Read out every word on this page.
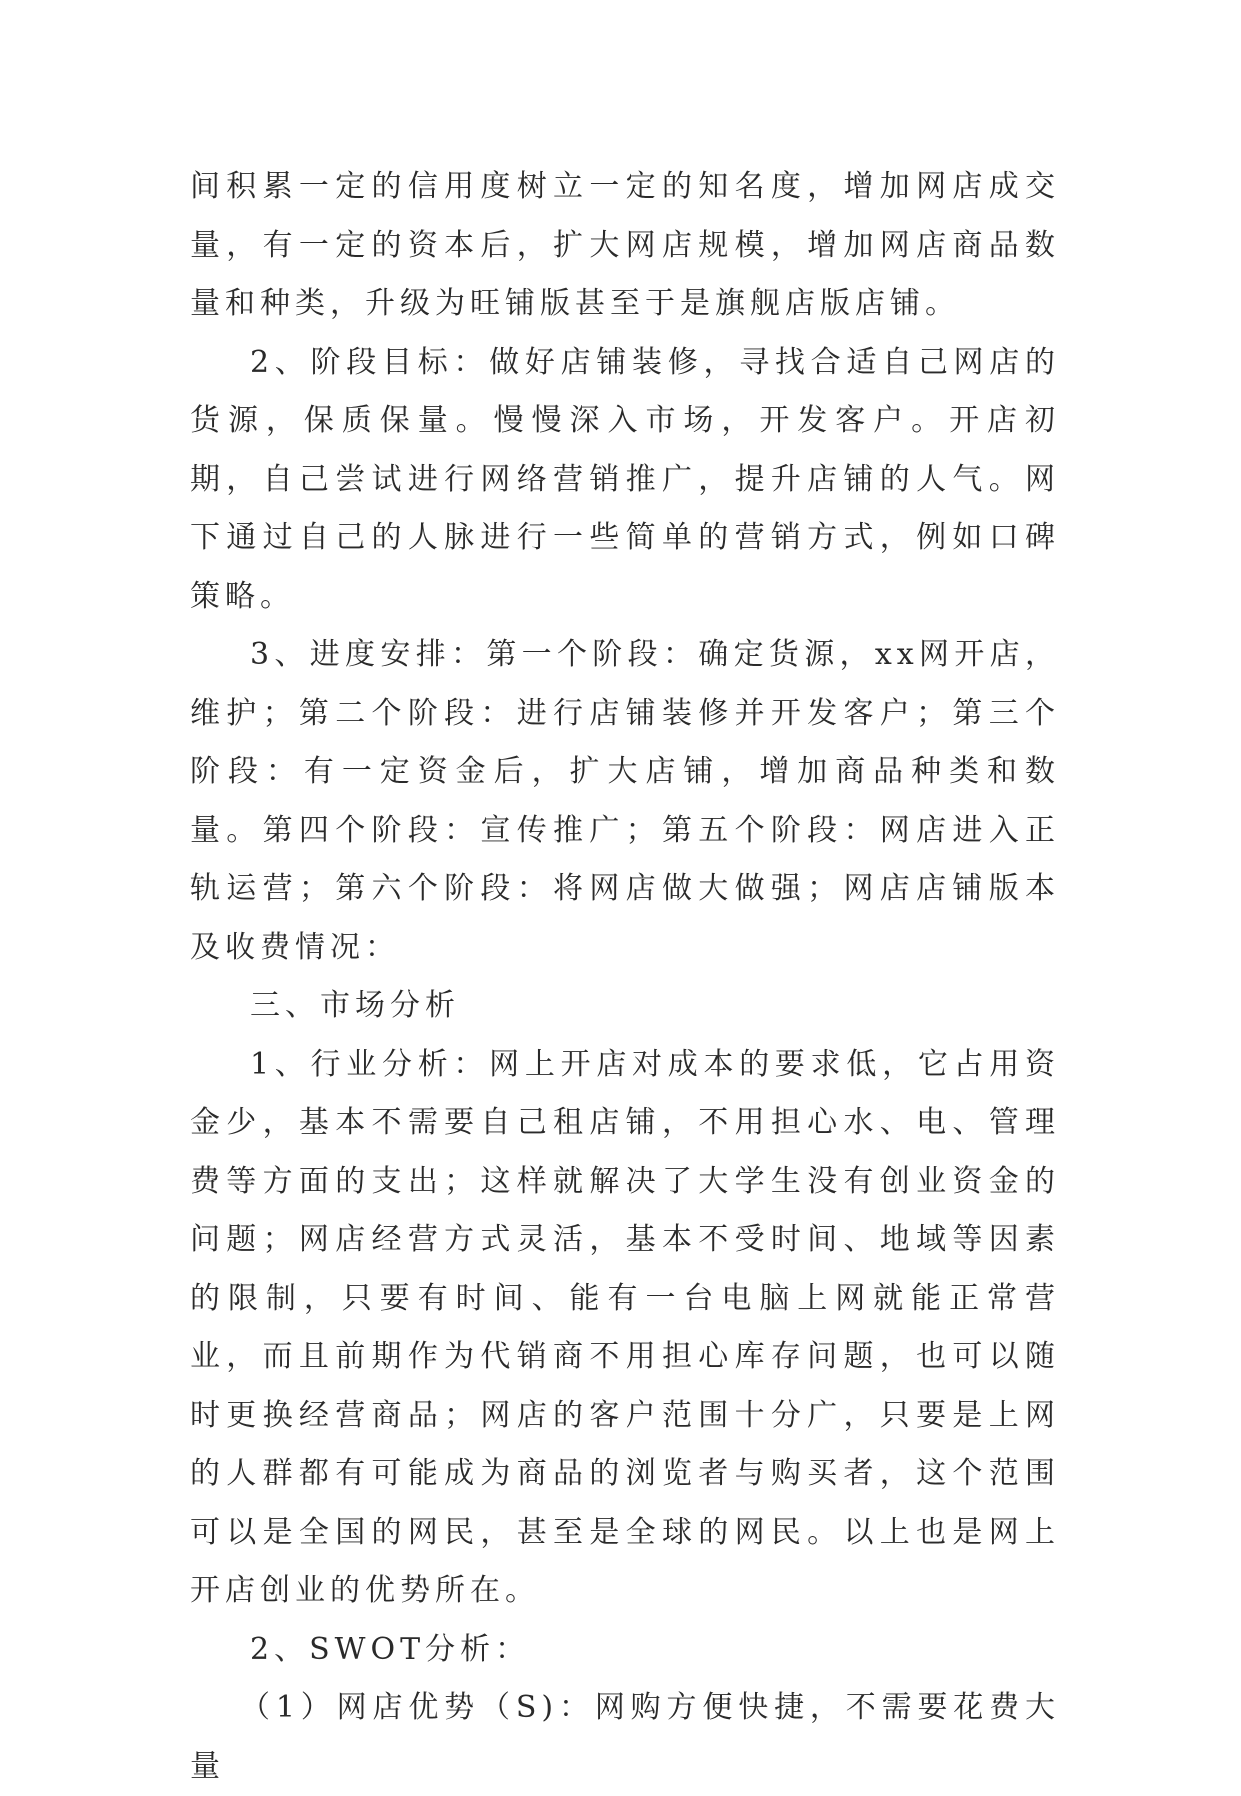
间积累一定的信用度树立一定的知名度，增加网店成交量，有一定的资本后，扩大网店规模，增加网店商品数量和种类，升级为旺铺版甚至于是旗舰店版店铺。

2、阶段目标：做好店铺装修，寻找合适自己网店的货源，保质保量。慢慢深入市场，开发客户。开店初期，自己尝试进行网络营销推广，提升店铺的人气。网下通过自己的人脉进行一些简单的营销方式，例如口碑策略。

3、进度安排：第一个阶段：确定货源，xx网开店，维护；第二个阶段：进行店铺装修并开发客户；第三个阶段：有一定资金后，扩大店铺，增加商品种类和数量。第四个阶段：宣传推广；第五个阶段：网店进入正轨运营；第六个阶段：将网店做大做强；网店店铺版本及收费情况：

三、市场分析

1、行业分析：网上开店对成本的要求低，它占用资金少，基本不需要自己租店铺，不用担心水、电、管理费等方面的支出；这样就解决了大学生没有创业资金的问题；网店经营方式灵活，基本不受时间、地域等因素的限制，只要有时间、能有一台电脑上网就能正常营业，而且前期作为代销商不用担心库存问题，也可以随时更换经营商品；网店的客户范围十分广，只要是上网的人群都有可能成为商品的浏览者与购买者，这个范围可以是全国的网民，甚至是全球的网民。以上也是网上开店创业的优势所在。

2、SWOT分析：

（1）网店优势（S)：网购方便快捷，不需要花费大量
